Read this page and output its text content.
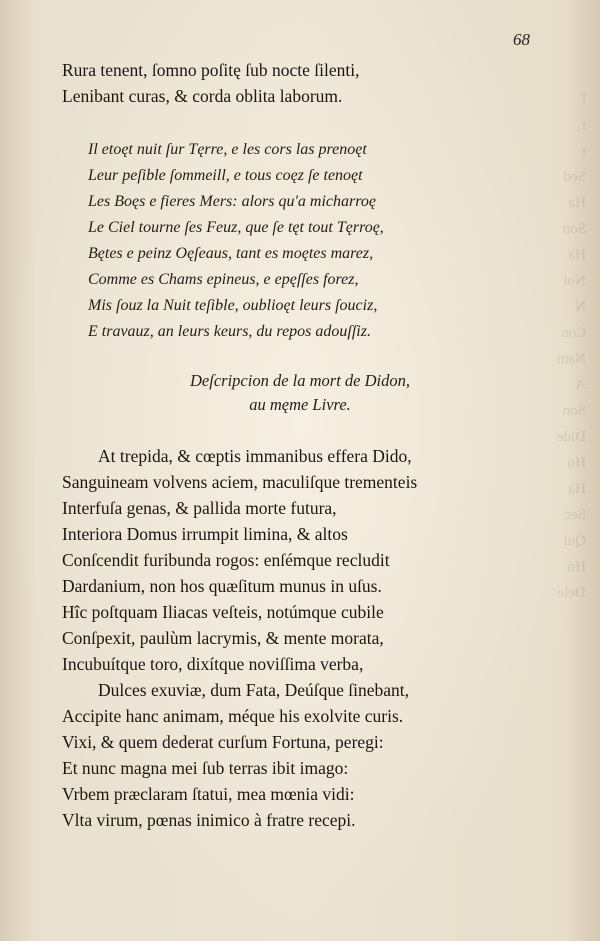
ſ
ɪ
ɪ
Sed
Ha
Son
Ha
Noſ
N
Con
Nam
A
Son
Dide
Ho
Ha
Sec
Qui
Ho
Dele
68
Rura tenent, ſomno poſitę ſub nocte ſilenti,
Lenibant curas, & corda oblita laborum.
Il etoęt nuit ſur Tęrre, e les cors las prenoęt
Leur peſible ſommeill, e tous coęz ſe tenoęt
Les Boęs e fieres Mers: alors qu'a micharroę
Le Ciel tourne ſes Feuz, que ſe tęt tout Tęrroę,
Bętes e peinz Oęſeaus, tant es moętes marez,
Comme es Chams epineus, e epęſſes forez,
Mis ſouz la Nuit teſible, oublioęt leurs ſouciz,
E travauz, an leurs keurs, du repos adouſſiz.
Deſcripcion de la mort de Didon,
au męme Livre.
At trepida, & cœptis immanibus effera Dido,
Sanguineam volvens aciem, maculiſque trementeis
Interfuſa genas, & pallida morte futura,
Interiora Domus irrumpit limina, & altos
Conſcendit furibunda rogos: enſémque recludit
Dardanium, non hos quæſitum munus in uſus.
Hîc poſtquam Iliacas veſteis, notúmque cubile
Conſpexit, paulùm lacrymis, & mente morata,
Incubuítque toro, dixítque noviſſima verba,
Dulces exuviæ, dum Fata, Deúſque ſinebant,
Accipite hanc animam, méque his exolvite curis.
Vixi, & quem dederat curſum Fortuna, peregi:
Et nunc magna mei ſub terras ibit imago:
Vrbem præclaram ſtatui, mea mœnia vidi:
Vlta virum, pœnas inimico à fratre recepi.
